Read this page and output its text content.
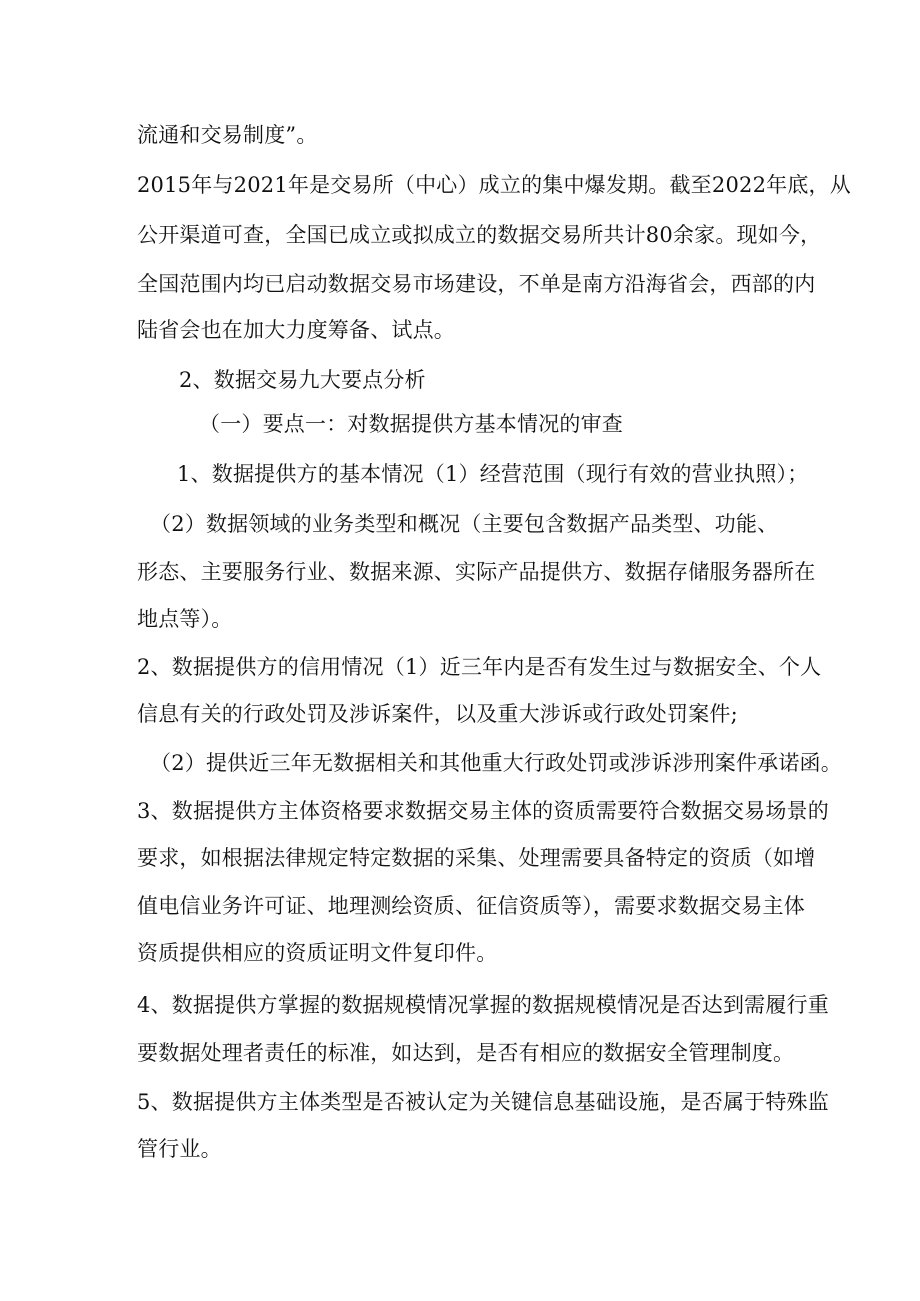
流通和交易制度”。
2015年与2021年是交易所（中心）成立的集中爆发期。截至2022年底，从
公开渠道可查，全国已成立或拟成立的数据交易所共计80余家。现如今，
全国范围内均已启动数据交易市场建设，不单是南方沿海省会，西部的内
陆省会也在加大力度筹备、试点。
2、数据交易九大要点分析
（一）要点一：对数据提供方基本情况的审查
1、数据提供方的基本情况（1）经营范围（现行有效的营业执照）；
（2）数据领域的业务类型和概况（主要包含数据产品类型、功能、
形态、主要服务行业、数据来源、实际产品提供方、数据存储服务器所在
地点等）。
2、数据提供方的信用情况（1）近三年内是否有发生过与数据安全、个人
信息有关的行政处罚及涉诉案件，以及重大涉诉或行政处罚案件;
（2）提供近三年无数据相关和其他重大行政处罚或涉诉涉刑案件承诺函。
3、数据提供方主体资格要求数据交易主体的资质需要符合数据交易场景的
要求，如根据法律规定特定数据的采集、处理需要具备特定的资质（如增
值电信业务许可证、地理测绘资质、征信资质等），需要求数据交易主体
资质提供相应的资质证明文件复印件。
4、数据提供方掌握的数据规模情况掌握的数据规模情况是否达到需履行重
要数据处理者责任的标准，如达到，是否有相应的数据安全管理制度。
5、数据提供方主体类型是否被认定为关键信息基础设施，是否属于特殊监
管行业。
